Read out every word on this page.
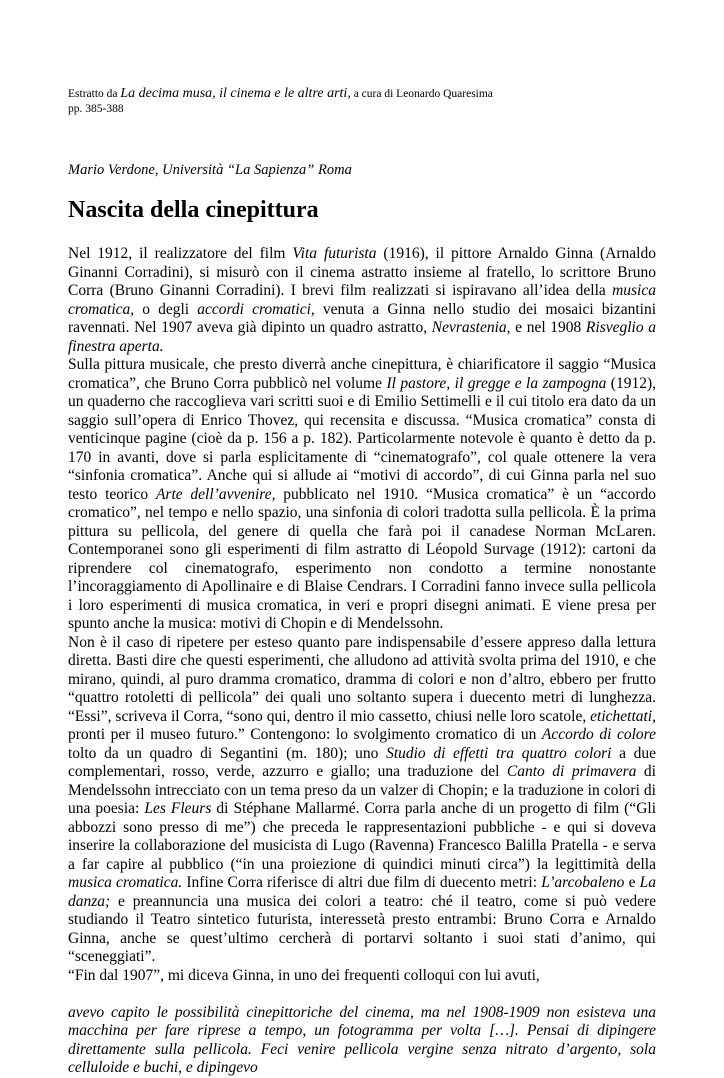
Estratto da La decima musa, il cinema e le altre arti, a cura di Leonardo Quaresima
pp. 385-388

Mario Verdone, Università “La Sapienza” Roma

Nascita della cinepittura

Nel 1912, il realizzatore del film Vita futurista (1916), il pittore Arnaldo Ginna (Arnaldo Ginanni Corradini), si misurò con il cinema astratto insieme al fratello, lo scrittore Bruno Corra (Bruno Ginanni Corradini). I brevi film realizzati si ispiravano all’idea della musica cromatica, o degli accordi cromatici, venuta a Ginna nello studio dei mosaici bizantini ravennati. Nel 1907 aveva già dipinto un quadro astratto, Nevrastenia, e nel 1908 Risveglio a finestra aperta.

Sulla pittura musicale, che presto diverrà anche cinepittura, è chiarificatore il saggio “Musica cromatica”, che Bruno Corra pubblicò nel volume Il pastore, il gregge e la zampogna (1912), un quaderno che raccoglieva vari scritti suoi e di Emilio Settimelli e il cui titolo era dato da un saggio sull’opera di Enrico Thovez, qui recensita e discussa. “Musica cromatica” consta di venticinque pagine (cioè da p. 156 a p. 182). Particolarmente notevole è quanto è detto da p. 170 in avanti, dove si parla esplicitamente di “cinematografo”, col quale ottenere la vera “sinfonia cromatica”. Anche qui si allude ai “motivi di accordo”, di cui Ginna parla nel suo testo teorico Arte dell’avvenire, pubblicato nel 1910. “Musica cromatica” è un “accordo cromatico”, nel tempo e nello spazio, una sinfonia di colori tradotta sulla pellicola. È la prima pittura su pellicola, del genere di quella che farà poi il canadese Norman McLaren. Contemporanei sono gli esperimenti di film astratto di Léopold Survage (1912): cartoni da riprendere col cinematografo, esperimento non condotto a termine nonostante l’incoraggiamento di Apollinaire e di Blaise Cendrars. I Corradini fanno invece sulla pellicola i loro esperimenti di musica cromatica, in veri e propri disegni animati. E viene presa per spunto anche la musica: motivi di Chopin e di Mendelssohn.

Non è il caso di ripetere per esteso quanto pare indispensabile d’essere appreso dalla lettura diretta. Basti dire che questi esperimenti, che alludono ad attività svolta prima del 1910, e che mirano, quindi, al puro dramma cromatico, dramma di colori e non d’altro, ebbero per frutto “quattro rotoletti di pellicola” dei quali uno soltanto supera i duecento metri di lunghezza. “Essi”, scriveva il Corra, “sono qui, dentro il mio cassetto, chiusi nelle loro scatole, etichettati, pronti per il museo futuro.” Contengono: lo svolgimento cromatico di un Accordo di colore tolto da un quadro di Segantini (m. 180); uno Studio di effetti tra quattro colori a due complementari, rosso, verde, azzurro e giallo; una traduzione del Canto di primavera di Mendelssohn intrecciato con un tema preso da un valzer di Chopin; e la traduzione in colori di una poesia: Les Fleurs di Stéphane Mallarmé. Corra parla anche di un progetto di film (“Gli abbozzi sono presso di me”) che preceda le rappresentazioni pubbliche - e qui si doveva inserire la collaborazione del musicista di Lugo (Ravenna) Francesco Balilla Pratella - e serva a far capire al pubblico (“in una proiezione di quindici minuti circa”) la legittimità della musica cromatica. Infine Corra riferisce di altri due film di duecento metri: L’arcobaleno e La danza; e preannuncia una musica dei colori a teatro: ché il teatro, come si può vedere studiando il Teatro sintetico futurista, interessetà presto entrambi: Bruno Corra e Arnaldo Ginna, anche se quest’ultimo cercherà di portarvi soltanto i suoi stati d’animo, qui “sceneggiati”.

“Fin dal 1907”, mi diceva Ginna, in uno dei frequenti colloqui con lui avuti,

avevo capito le possibilità cinepittoriche del cinema, ma nel 1908-1909 non esisteva una macchina per fare riprese a tempo, un fotogramma per volta […]. Pensai di dipingere direttamente sulla pellicola. Feci venire pellicola vergine senza nitrato d’argento, sola celluloide e buchi, e dipingevo
